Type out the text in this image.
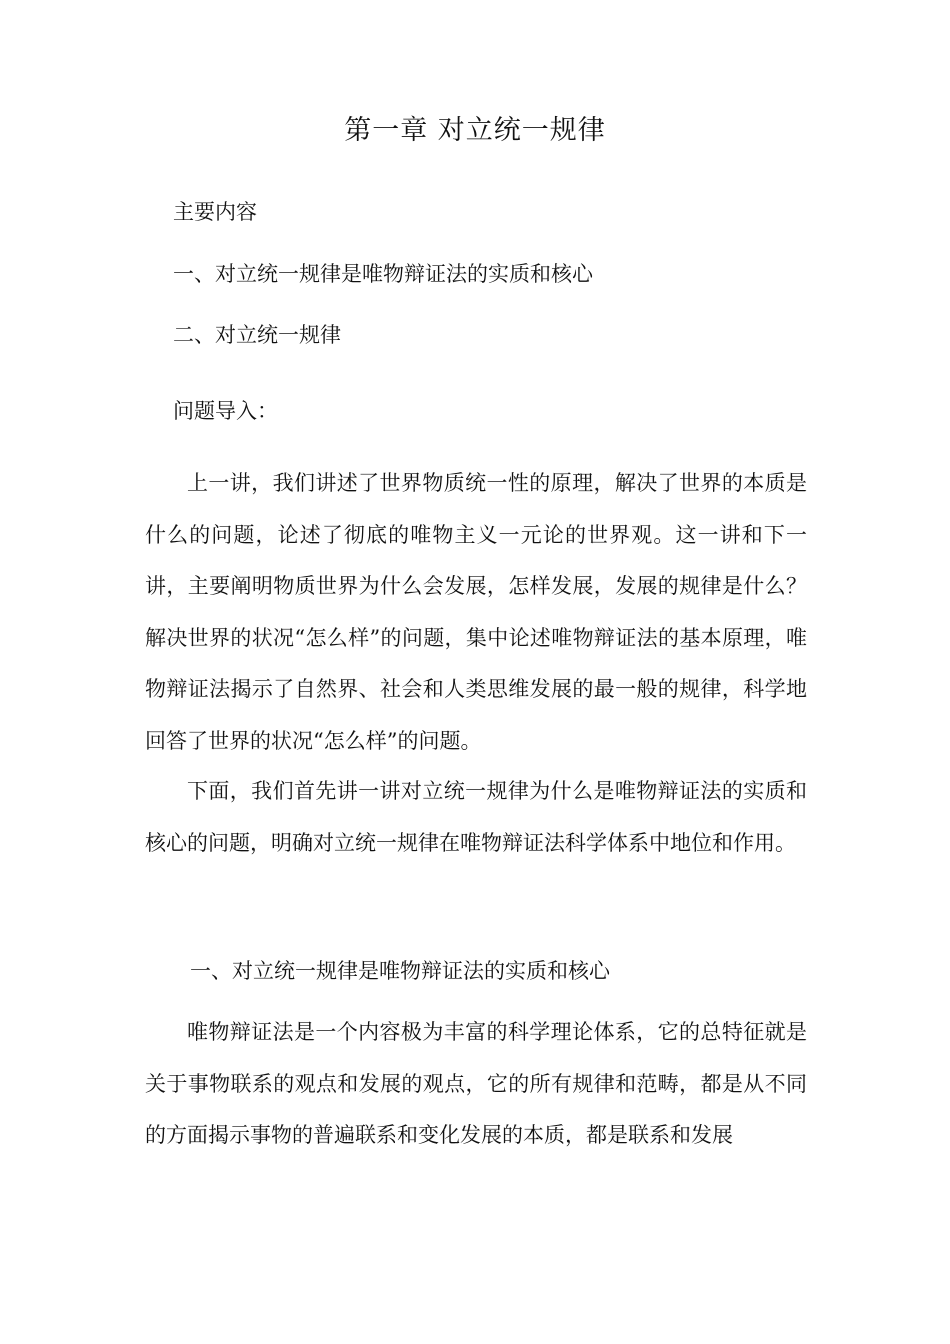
第一章 对立统一规律
主要内容
一、对立统一规律是唯物辩证法的实质和核心
二、对立统一规律
问题导入：
上一讲，我们讲述了世界物质统一性的原理，解决了世界的本质是什么的问题，论述了彻底的唯物主义一元论的世界观。这一讲和下一讲，主要阐明物质世界为什么会发展，怎样发展，发展的规律是什么？解决世界的状况“怎么样”的问题，集中论述唯物辩证法的基本原理，唯物辩证法揭示了自然界、社会和人类思维发展的最一般的规律，科学地回答了世界的状况“怎么样”的问题。
下面，我们首先讲一讲对立统一规律为什么是唯物辩证法的实质和核心的问题，明确对立统一规律在唯物辩证法科学体系中地位和作用。
一、对立统一规律是唯物辩证法的实质和核心
唯物辩证法是一个内容极为丰富的科学理论体系，它的总特征就是关于事物联系的观点和发展的观点，它的所有规律和范畴，都是从不同的方面揭示事物的普遍联系和变化发展的本质，都是联系和发展
